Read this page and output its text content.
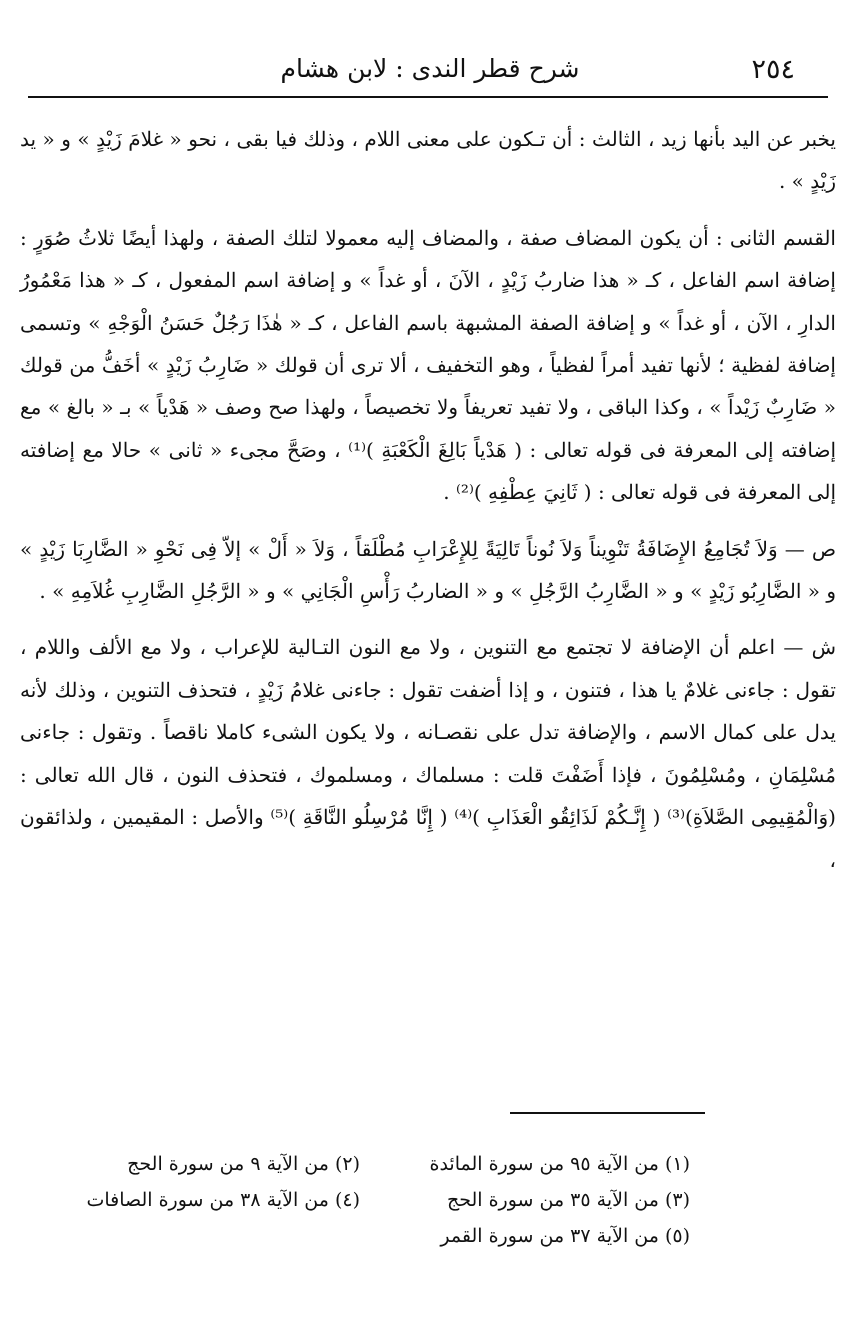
٢٥٤
شرح قطر الندى : لابن هشام

يخبر عن اليد بأنها زيد ، الثالث : أن تـكون على معنى اللام ، وذلك فيا بقى ، نحو « غلامَ زَيْدٍ » و « يد زَيْدٍ » .

القسم الثانى : أن يكون المضاف صفة ، والمضاف إليه معمولا لتلك الصفة ، ولهذا أيضًا ثلاثُ صُوَرٍ : إضافة اسم الفاعل ، كـ « هذا ضاربُ زَيْدٍ ، الآنَ ، أو غداً » و إضافة اسم المفعول ، كـ « هذا مَعْمُورُ الدارِ ، الآن ، أو غداً » و إضافة الصفة المشبهة باسم الفاعل ، كـ « هٰذَا رَجُلٌ حَسَنُ الْوَجْهِ » وتسمى إضافة لفظية ؛ لأنها تفيد أمراً لفظياً ، وهو التخفيف ، ألا ترى أن قولك « ضَارِبُ زَيْدٍ » أخَفُّ من قولك « ضَارِبٌ زَيْداً » ، وكذا الباقى ، ولا تفيد تعريفاً ولا تخصيصاً ، ولهذا صح وصف « هَدْياً » بـ « بالغ » مع إضافته إلى المعرفة فى قوله تعالى : ( هَدْياً بَالِغَ الْكَعْبَةِ )⁽¹⁾ ، وصَحَّ مجىء « ثانى » حالا مع إضافته إلى المعرفة فى قوله تعالى : ( ثَانِيَ عِطْفِهِ )⁽²⁾ .

ص — وَلاَ تُجَامِعُ الإِضَافَةُ تَنْوِيناً وَلاَ نُوناً تَالِيَةً لِلإِعْرَابِ مُطْلَقاً ، وَلاَ « أَلْ » إلاّ فِى نَحْوِ « الضَّارِبَا زَيْدٍ » و « الضَّارِبُو زَيْدٍ » و « الضَّارِبُ الرَّجُلِ » و « الضاربُ رَأْسِ الْجَانِي » و « الرَّجُلِ الضَّارِبِ غُلاَمِهِ » .

ش — اعلم أن الإضافة لا تجتمع مع التنوين ، ولا مع النون التـالية للإعراب ، ولا مع الألف واللام ، تقول : جاءنى غلامٌ يا هذا ، فتنون ، و إذا أضفت تقول : جاءنى غلامُ زَيْدٍ ، فتحذف التنوين ، وذلك لأنه يدل على كمال الاسم ، والإضافة تدل على نقصـانه ، ولا يكون الشىء كاملا ناقصاً . وتقول : جاءنى مُسْلِمَانِ ، ومُسْلِمُونَ ، فإذا أَضَفْتَ قلت : مسلماك ، ومسلموك ، فتحذف النون ، قال الله تعالى : (وَالْمُقِيمِى الصَّلاَةِ)⁽³⁾ ( إِنَّـكُمْ لَذَائِقُو الْعَذَابِ )⁽⁴⁾ ( إِنَّا مُرْسِلُو النَّاقَةِ )⁽⁵⁾ والأصل : المقيمين ، ولذائقون ،

(١) من الآية ٩٥ من سورة المائدة
(٣) من الآية ٣٥ من سورة الحج
(٥) من الآية ٣٧ من سورة القمر
(٢) من الآية ٩ من سورة الحج
(٤) من الآية ٣٨ من سورة الصافات
